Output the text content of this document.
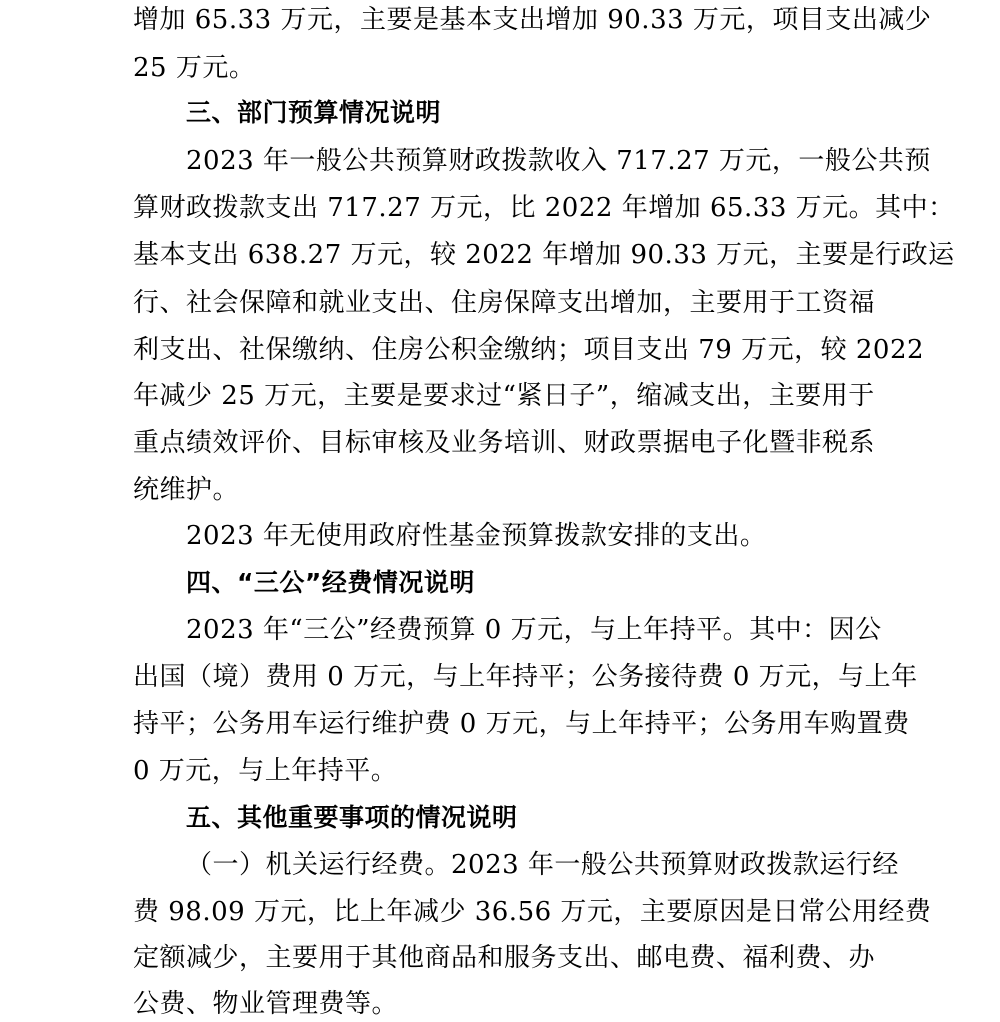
增加 65.33 万元，主要是基本支出增加 90.33 万元，项目支出减少
25 万元。
三、部门预算情况说明
2023 年一般公共预算财政拨款收入 717.27 万元，一般公共预
算财政拨款支出 717.27 万元，比 2022 年增加 65.33 万元。其中：
基本支出 638.27 万元，较 2022 年增加 90.33 万元，主要是行政运
行、社会保障和就业支出、住房保障支出增加，主要用于工资福
利支出、社保缴纳、住房公积金缴纳；项目支出 79 万元，较 2022
年减少 25 万元，主要是要求过“紧日子”，缩减支出，主要用于
重点绩效评价、目标审核及业务培训、财政票据电子化暨非税系
统维护。
2023 年无使用政府性基金预算拨款安排的支出。
四、“三公”经费情况说明
2023 年“三公”经费预算 0 万元，与上年持平。其中：因公
出国（境）费用 0 万元，与上年持平；公务接待费 0 万元，与上年
持平；公务用车运行维护费 0 万元，与上年持平；公务用车购置费
0 万元，与上年持平。
五、其他重要事项的情况说明
（一）机关运行经费。2023 年一般公共预算财政拨款运行经
费 98.09 万元，比上年减少 36.56 万元，主要原因是日常公用经费
定额减少，主要用于其他商品和服务支出、邮电费、福利费、办
公费、物业管理费等。
